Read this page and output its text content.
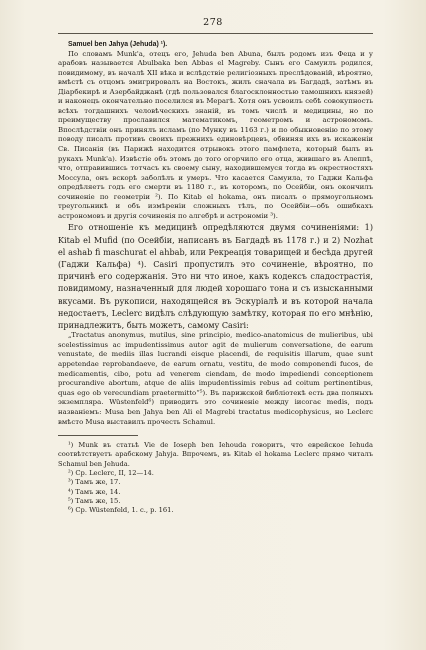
278

Samuel ben Jahya (Jehuda) ¹).

По словамъ Munk'a, отецъ его, Jehuda ben Abuna, былъ родомъ изъ Феца и у арабовъ называется Abulbaka ben Abbas el Magreby. Сынъ его Самуилъ родился, повидимому, въ началѣ XII вѣка и вслѣдствіе религіозныхъ преслѣдованій, вѣроятно, вмѣстѣ съ отцомъ эмигрировалъ на Востокъ, жилъ сначала въ Багдадѣ, затѣмъ въ Діарбекирѣ и Азербайджанѣ (гдѣ пользовался благосклонностью тамошнихъ князей) и наконецъ окончательно поселился въ Мерагѣ. Хотя онъ усвоилъ себѣ совокупность всѣхъ тогдашнихъ человѣческихъ знаній, въ томъ числѣ и медицины, но по преимуществу прославился математикомъ, геометромъ и астрономомъ. Впослѣдствіи онъ принялъ исламъ (по Мунку въ 1163 г.) и по обыкновенію по этому поводу писалъ противъ своихъ прежнихъ единовѣрцевъ, обвиняя ихъ въ искаженіи Св. Писанія (въ Парижѣ находится отрывокъ этого памфлета, который былъ въ рукахъ Munk'a). Извѣстіе объ этомъ до того огорчило его отца, жившаго въ Алеппѣ, что, отправившись тотчасъ къ своему сыну, находившемуся тогда въ окрестностяхъ Моссула, онъ вскорѣ заболѣлъ и умеръ. Что касается Самуила, то Гаджи Кальфа опредѣляетъ годъ его смерти въ 1180 г., въ которомъ, по Осейбіи, онъ окончилъ сочиненіе по геометріи ²). По Kitab el hokama, онъ писалъ о прямоугольномъ треугольникѣ и объ измѣреніи сложныхъ тѣлъ, по Осейбіи—объ ошибкахъ астрономовъ и другія сочиненія по алгебрѣ и астрономіи ³).

Его отношеніе къ медицинѣ опредѣляются двумя сочиненіями: 1) Kitab el Mufid (по Осейбіи, написанъ въ Багдадѣ въ 1178 г.) и 2) Nozhat el ashab fi maschurat el ahbab, или Рекреація товарищей и бесѣда другей (Гаджи Кальфа) ⁴). Casiri пропустилъ это сочиненіе, вѣроятно, по причинѣ его содержанія. Это ни что иное, какъ кодексъ сладострастія, повидимому, назначенный для людей хорошаго тона и съ изысканными вкусами. Въ рукописи, находящейся въ Эскуріалѣ и въ которой начала недостаетъ, Leclerc видѣлъ слѣдующую замѣтку, которая по его мнѣнію, принадлежитъ, быть можетъ, самому Casiri:

„Tractatus anonymus, mutilus, sine principio, medico-anatomicus de mulieribus, ubi scelestissimus ac impudentissimus autor agit de mulierum conversatione, de earum venustate, de mediis illas lucrandi eisque placendi, de requisitis illarum, quae sunt appetendae reprobandaeve, de earum ornatu, vestitu, de modo componendi fucos, de medicamentis, cibo, potu ad venerem ciendam, de modo impediendi conceptionem procurandive abortum, atque de aliis impudentissimis rebus ad coitum pertinentibus, quas ego ob verecundiam praetermitto“⁵). Въ парижской библіотекѣ есть два полныхъ экземпляра. Wüstenfeld⁶) приводитъ это сочиненіе между іисогає medis, подъ названіемъ: Musa ben Jahya ben Ali el Magrebi tractatus medicophysicus, но Leclerc вмѣсто Musa выставилъ прочесть Schamul.

¹) Munk въ статьѣ Vie de Ioseph ben Iehouda говоритъ, что еврейское Iehuda соотвѣтствуетъ арабскому Jahуја. Впрочемъ, въ Kitab el hokama Leclerc прямо читалъ Schamul ben Jehuda.

²) Ср. Leclerc, II, 12—14.

³) Тамъ же, 17.

⁴) Тамъ же, 14.

⁵) Тамъ же, 15.

⁶) Ср. Wüstenfeld, 1. c., p. 161.
